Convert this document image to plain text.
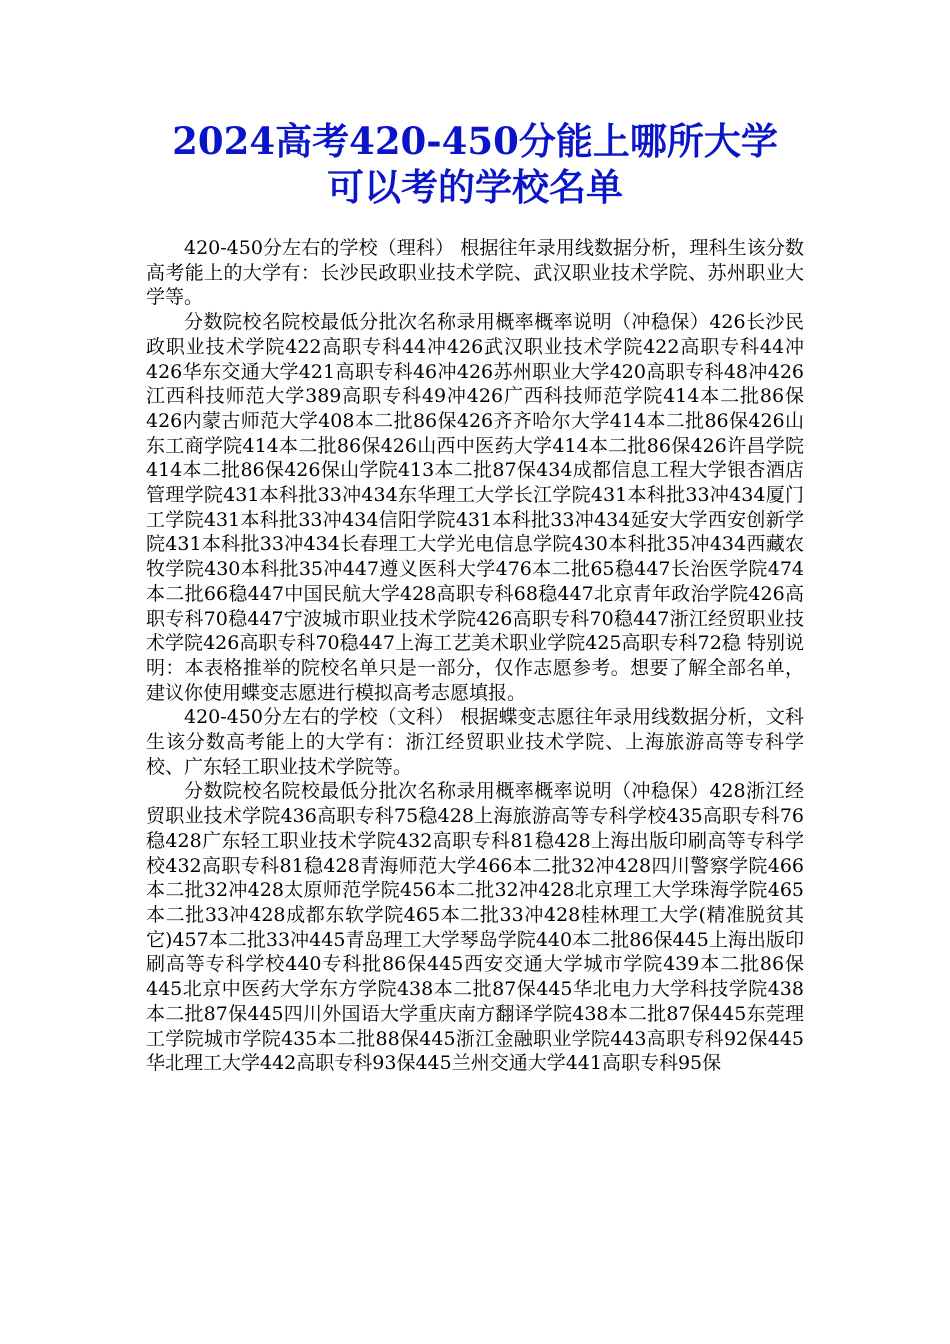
2024高考420-450分能上哪所大学
可以考的学校名单

420-450分左右的学校（理科） 根据往年录用线数据分析，理科生该分数高考能上的大学有：长沙民政职业技术学院、武汉职业技术学院、苏州职业大学等。

分数院校名院校最低分批次名称录用概率概率说明（冲稳保）426长沙民政职业技术学院422高职专科44冲426武汉职业技术学院422高职专科44冲426华东交通大学421高职专科46冲426苏州职业大学420高职专科48冲426江西科技师范大学389高职专科49冲426广西科技师范学院414本二批86保426内蒙古师范大学408本二批86保426齐齐哈尔大学414本二批86保426山东工商学院414本二批86保426山西中医药大学414本二批86保426许昌学院414本二批86保426保山学院413本二批87保434成都信息工程大学银杏酒店管理学院431本科批33冲434东华理工大学长江学院431本科批33冲434厦门工学院431本科批33冲434信阳学院431本科批33冲434延安大学西安创新学院431本科批33冲434长春理工大学光电信息学院430本科批35冲434西藏农牧学院430本科批35冲447遵义医科大学476本二批65稳447长治医学院474本二批66稳447中国民航大学428高职专科68稳447北京青年政治学院426高职专科70稳447宁波城市职业技术学院426高职专科70稳447浙江经贸职业技术学院426高职专科70稳447上海工艺美术职业学院425高职专科72稳 特别说明：本表格推举的院校名单只是一部分，仅作志愿参考。想要了解全部名单，建议你使用蝶变志愿进行模拟高考志愿填报。

420-450分左右的学校（文科） 根据蝶变志愿往年录用线数据分析，文科生该分数高考能上的大学有：浙江经贸职业技术学院、上海旅游高等专科学校、广东轻工职业技术学院等。

分数院校名院校最低分批次名称录用概率概率说明（冲稳保）428浙江经贸职业技术学院436高职专科75稳428上海旅游高等专科学校435高职专科76稳428广东轻工职业技术学院432高职专科81稳428上海出版印刷高等专科学校432高职专科81稳428青海师范大学466本二批32冲428四川警察学院466本二批32冲428太原师范学院456本二批32冲428北京理工大学珠海学院465本二批33冲428成都东软学院465本二批33冲428桂林理工大学(精准脱贫其它)457本二批33冲445青岛理工大学琴岛学院440本二批86保445上海出版印刷高等专科学校440专科批86保445西安交通大学城市学院439本二批86保445北京中医药大学东方学院438本二批87保445华北电力大学科技学院438本二批87保445四川外国语大学重庆南方翻译学院438本二批87保445东莞理工学院城市学院435本二批88保445浙江金融职业学院443高职专科92保445华北理工大学442高职专科93保445兰州交通大学441高职专科95保
